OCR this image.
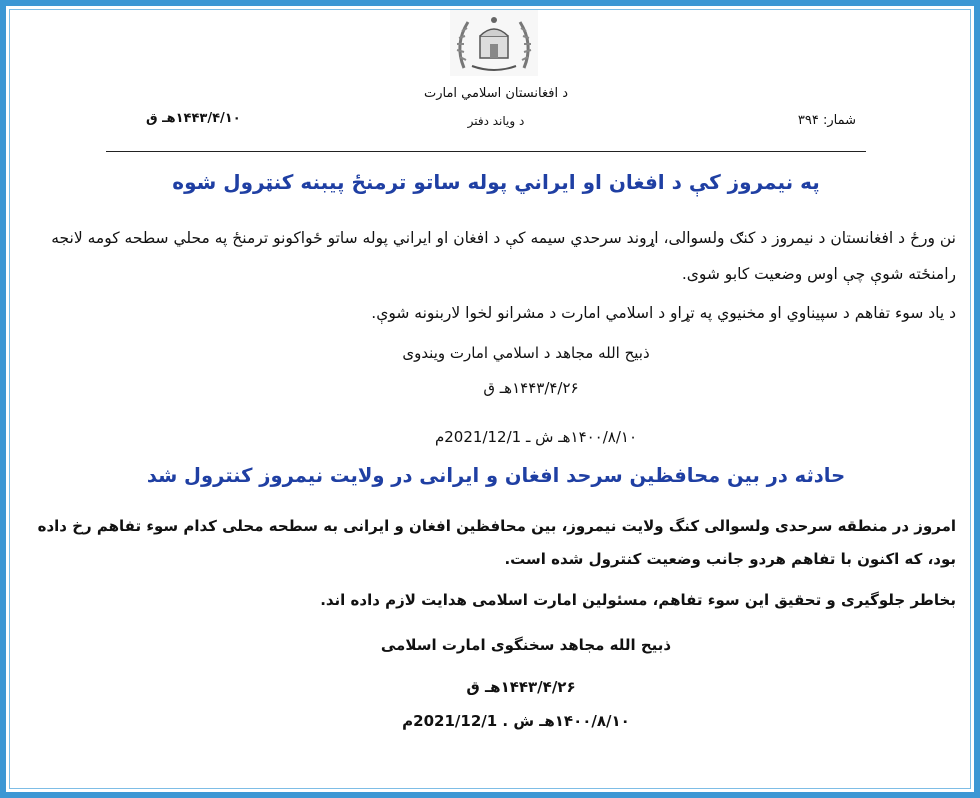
د افغانستان اسلامي امارت
د وياند دفتر	شمار: ۳۹۴
۱۴۴۳/۴/۱۰هـ ق
په نیمروز کې د افغان او ایراني پوله ساتو ترمنځ پیبنه کنټرول شوه
نن ورځ د افغانستان د نيمروز د کنګ ولسوالی، اړوند سرحدي سيمه کې د افغان او ايراني پوله ساتو ځواکونو ترمنځ په محلي سطحه کومه لانجه رامنځته شوې چې اوس وضعيت کابو شوی.
د یاد سوء تفاهم د سپيناوي او مخنيوي په تړاو د اسلامي امارت د مشرانو لخوا لاربنونه شوې.
ذبيح الله مجاهد د اسلامي امارت ويندوی
۱۴۴۳/۴/۲۶هـ ق
۱۴۰۰/۸/۱۰هـ ش ـ 2021/12/1م
حادثه در بين محافظين سرحد افغان و ايرانى در ولايت نيمروز كنترول شد
امروز در منطقه سرحدی ولسوالی کنگ ولایت نیمروز، بین محافظین افغان و ایرانی به سطحه محلی کدام سوء تفاهم رخ داده بود، که اکنون با تفاهم هردو جانب وضعیت کنترول شده است.
بخاطر جلوگیری و تحقیق این سوء تفاهم، مسئولین امارت اسلامی هدایت لازم داده اند.
ذبیح الله مجاهد سخنگوی امارت اسلامی
۱۴۴۳/۴/۲۶هـ ق
۱۴۰۰/۸/۱۰هـ ش . 2021/12/1م
